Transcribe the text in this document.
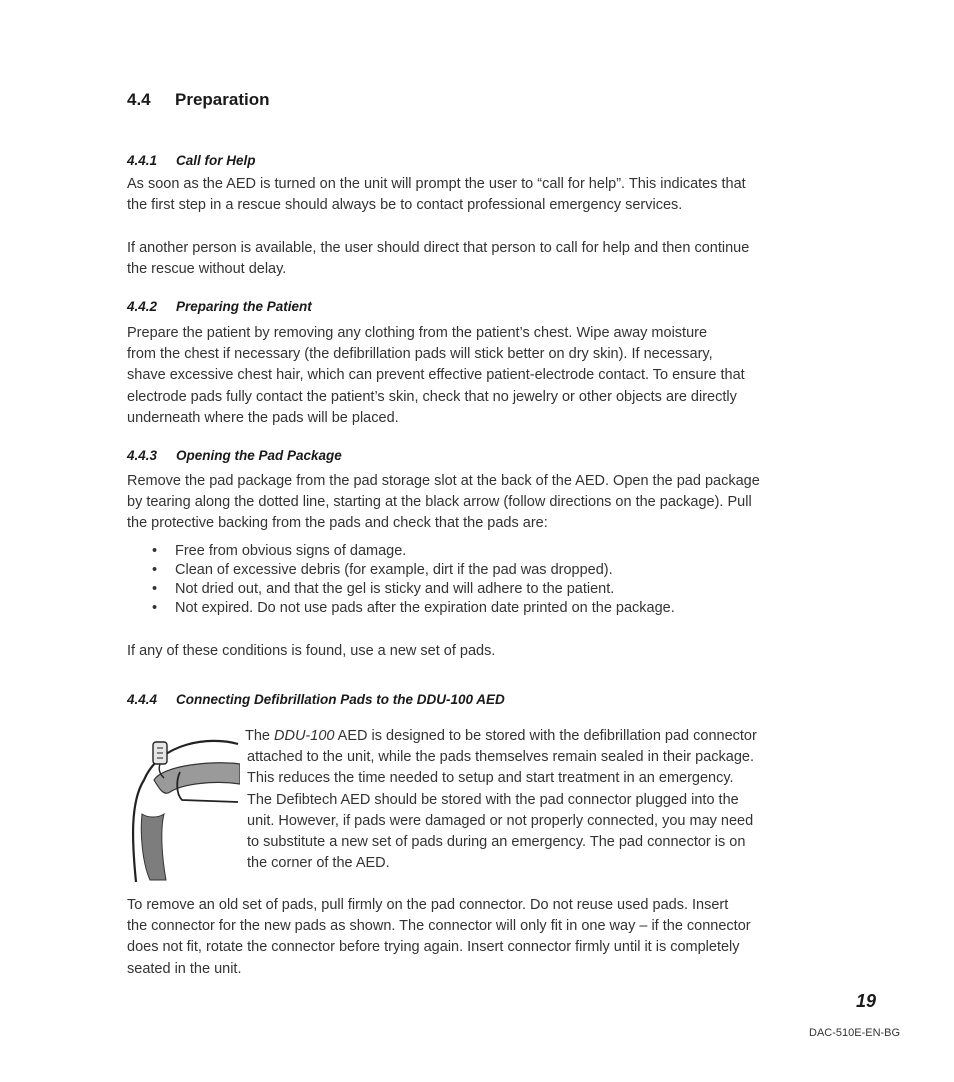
4.4 Preparation
4.4.1 Call for Help
As soon as the AED is turned on the unit will prompt the user to “call for help”. This indicates that
the first step in a rescue should always be to contact professional emergency services.
If another person is available, the user should direct that person to call for help and then continue
the rescue without delay.
4.4.2 Preparing the Patient
Prepare the patient by removing any clothing from the patient’s chest. Wipe away moisture
from the chest if necessary (the defibrillation pads will stick better on dry skin). If necessary,
shave excessive chest hair, which can prevent effective patient-electrode contact. To ensure that
electrode pads fully contact the patient’s skin, check that no jewelry or other objects are directly
underneath where the pads will be placed.
4.4.3 Opening the Pad Package
Remove the pad package from the pad storage slot at the back of the AED. Open the pad package
by tearing along the dotted line, starting at the black arrow (follow directions on the package). Pull
the protective backing from the pads and check that the pads are:
• Free from obvious signs of damage.
• Clean of excessive debris (for example, dirt if the pad was dropped).
• Not dried out, and that the gel is sticky and will adhere to the patient.
• Not expired. Do not use pads after the expiration date printed on the package.
If any of these conditions is found, use a new set of pads.
4.4.4 Connecting Defibrillation Pads to the DDU-100 AED
The DDU-100 AED is designed to be stored with the defibrillation pad connector
attached to the unit, while the pads themselves remain sealed in their package.
This reduces the time needed to setup and start treatment in an emergency.
The Defibtech AED should be stored with the pad connector plugged into the
unit. However, if pads were damaged or not properly connected, you may need
to substitute a new set of pads during an emergency. The pad connector is on
the corner of the AED.
To remove an old set of pads, pull firmly on the pad connector. Do not reuse used pads. Insert
the connector for the new pads as shown. The connector will only fit in one way – if the connector
does not fit, rotate the connector before trying again. Insert connector firmly until it is completely
seated in the unit.

19

DAC-510E-EN-BG
